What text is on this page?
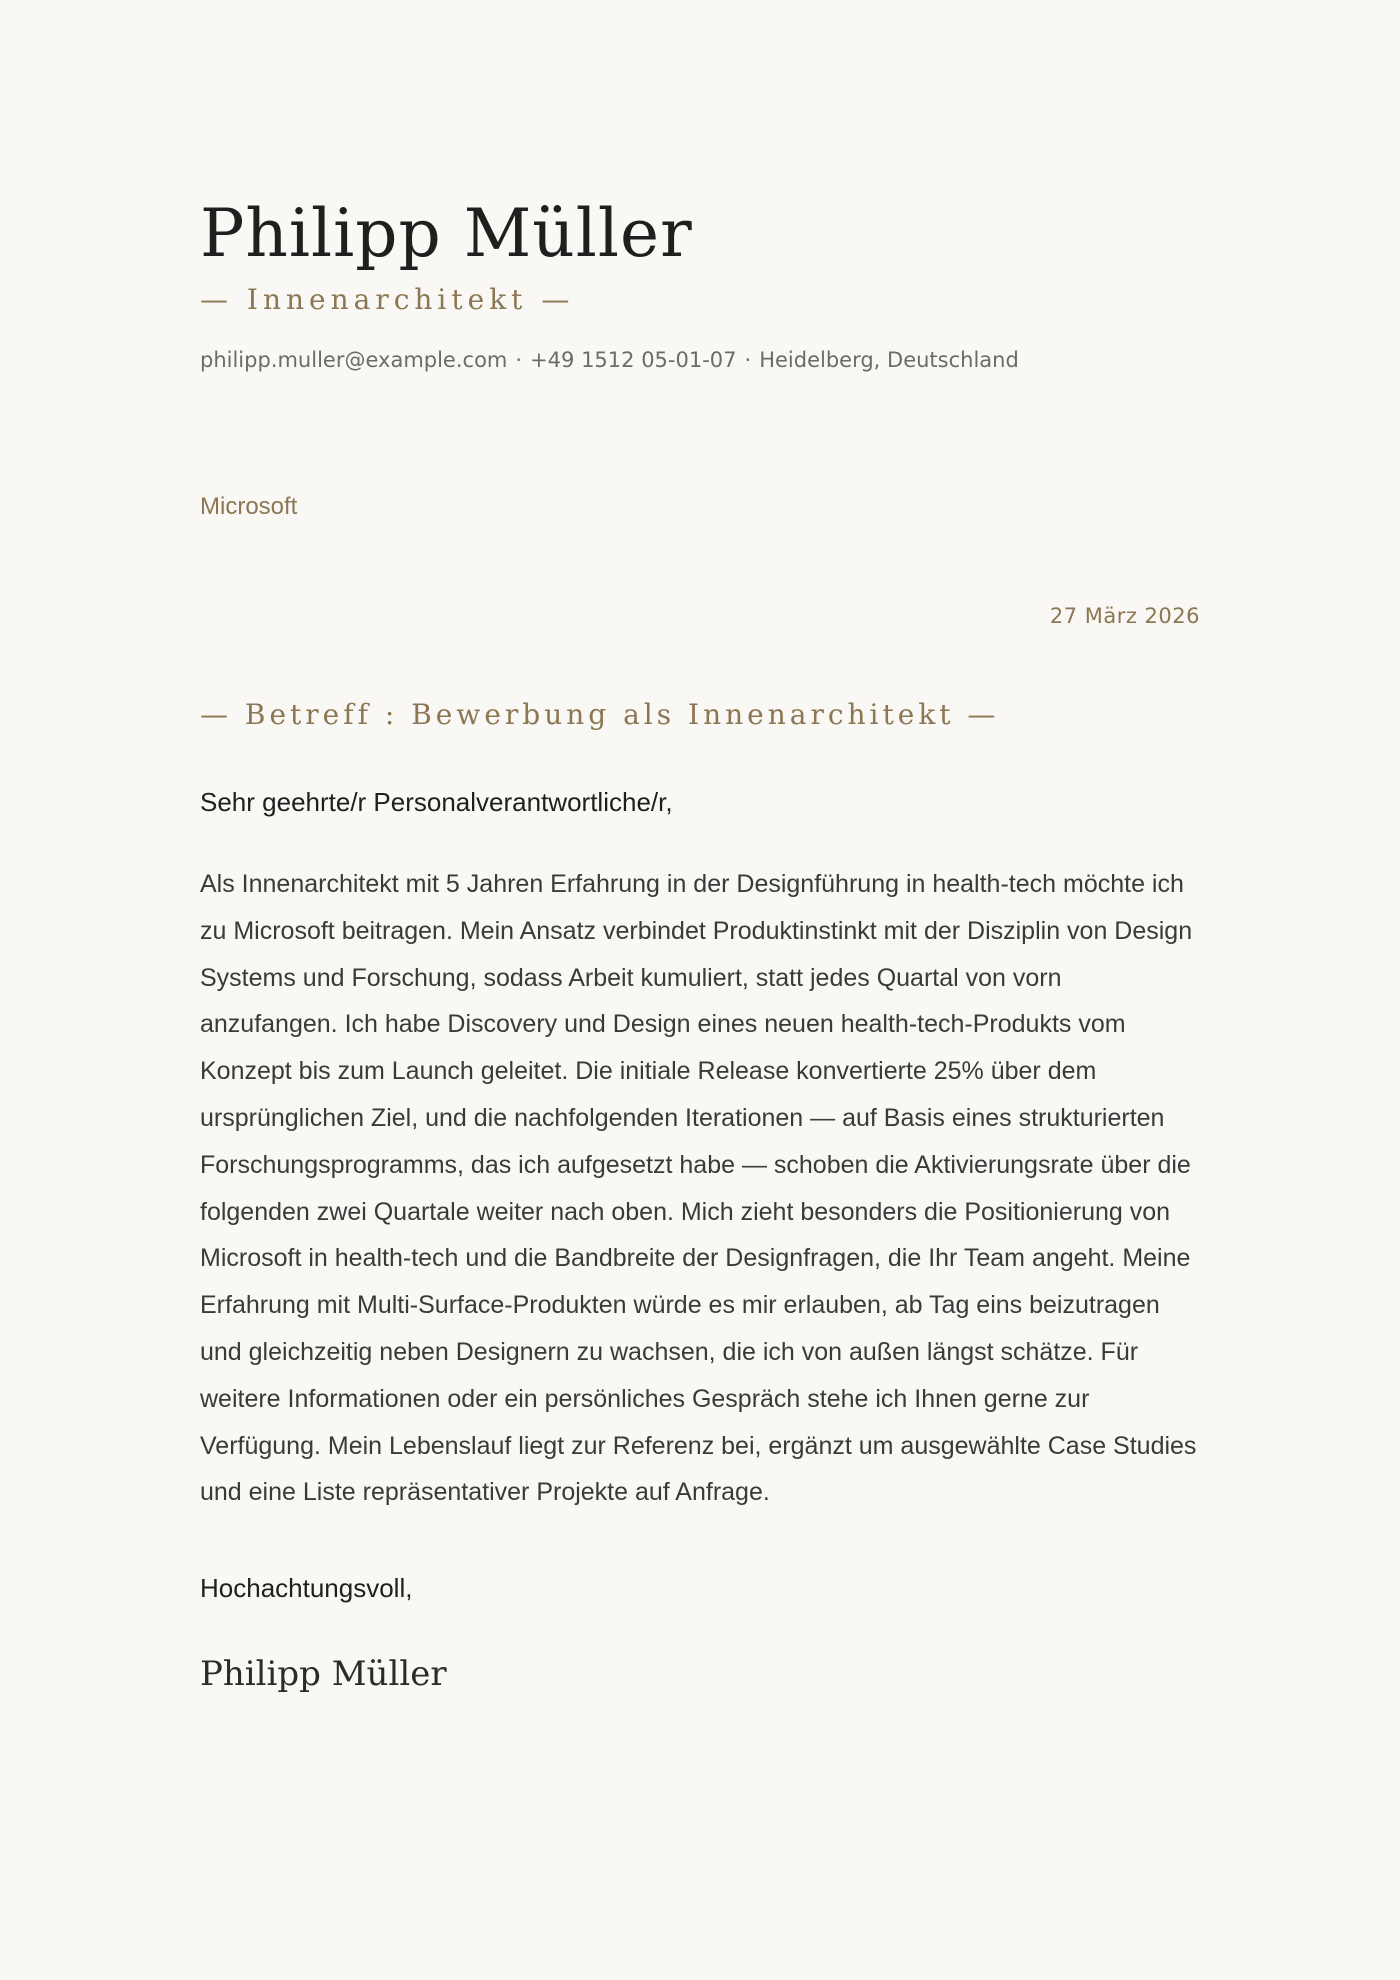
Philipp Müller
— Innenarchitekt —
philipp.muller@example.com · +49 1512 05-01-07 · Heidelberg, Deutschland
Microsoft
27 März 2026
— Betreff : Bewerbung als Innenarchitekt —
Sehr geehrte/r Personalverantwortliche/r,

Als Innenarchitekt mit 5 Jahren Erfahrung in der Designführung in health-tech möchte ich zu Microsoft beitragen. Mein Ansatz verbindet Produktinstinkt mit der Disziplin von Design Systems und Forschung, sodass Arbeit kumuliert, statt jedes Quartal von vorn anzufangen. Ich habe Discovery und Design eines neuen health-tech-Produkts vom Konzept bis zum Launch geleitet. Die initiale Release konvertierte 25% über dem ursprünglichen Ziel, und die nachfolgenden Iterationen — auf Basis eines strukturierten Forschungsprogramms, das ich aufgesetzt habe — schoben die Aktivierungsrate über die folgenden zwei Quartale weiter nach oben. Mich zieht besonders die Positionierung von Microsoft in health-tech und die Bandbreite der Designfragen, die Ihr Team angeht. Meine Erfahrung mit Multi-Surface-Produkten würde es mir erlauben, ab Tag eins beizutragen und gleichzeitig neben Designern zu wachsen, die ich von außen längst schätze. Für weitere Informationen oder ein persönliches Gespräch stehe ich Ihnen gerne zur Verfügung. Mein Lebenslauf liegt zur Referenz bei, ergänzt um ausgewählte Case Studies und eine Liste repräsentativer Projekte auf Anfrage.

Hochachtungsvoll,
Philipp Müller
